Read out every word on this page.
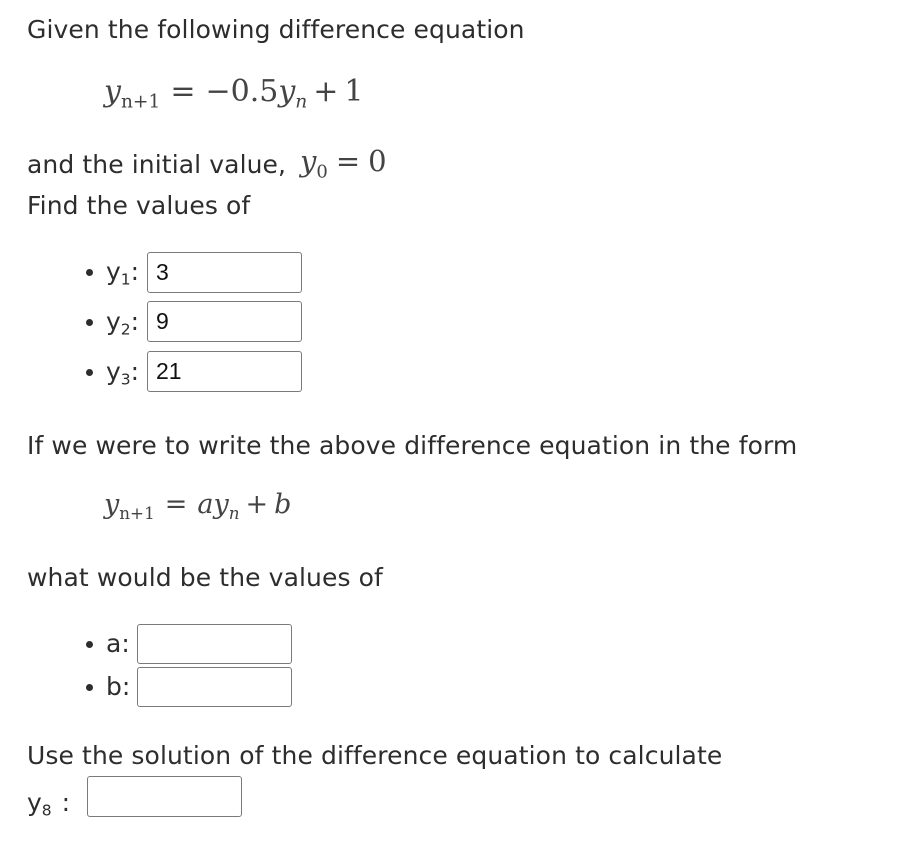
Given the following difference equation
$y_{n+1} = -0.5y_n + 1$
and the initial value, $y_0 = 0$
Find the values of
$y_1$:
3
$y_2$:
9
$y_3$:
21
If we were to write the above difference equation in the form
$y_{n+1} = ay_n + b$
what would be the values of
a:
b:
Use the solution of the difference equation to calculate
$y_8$ :
